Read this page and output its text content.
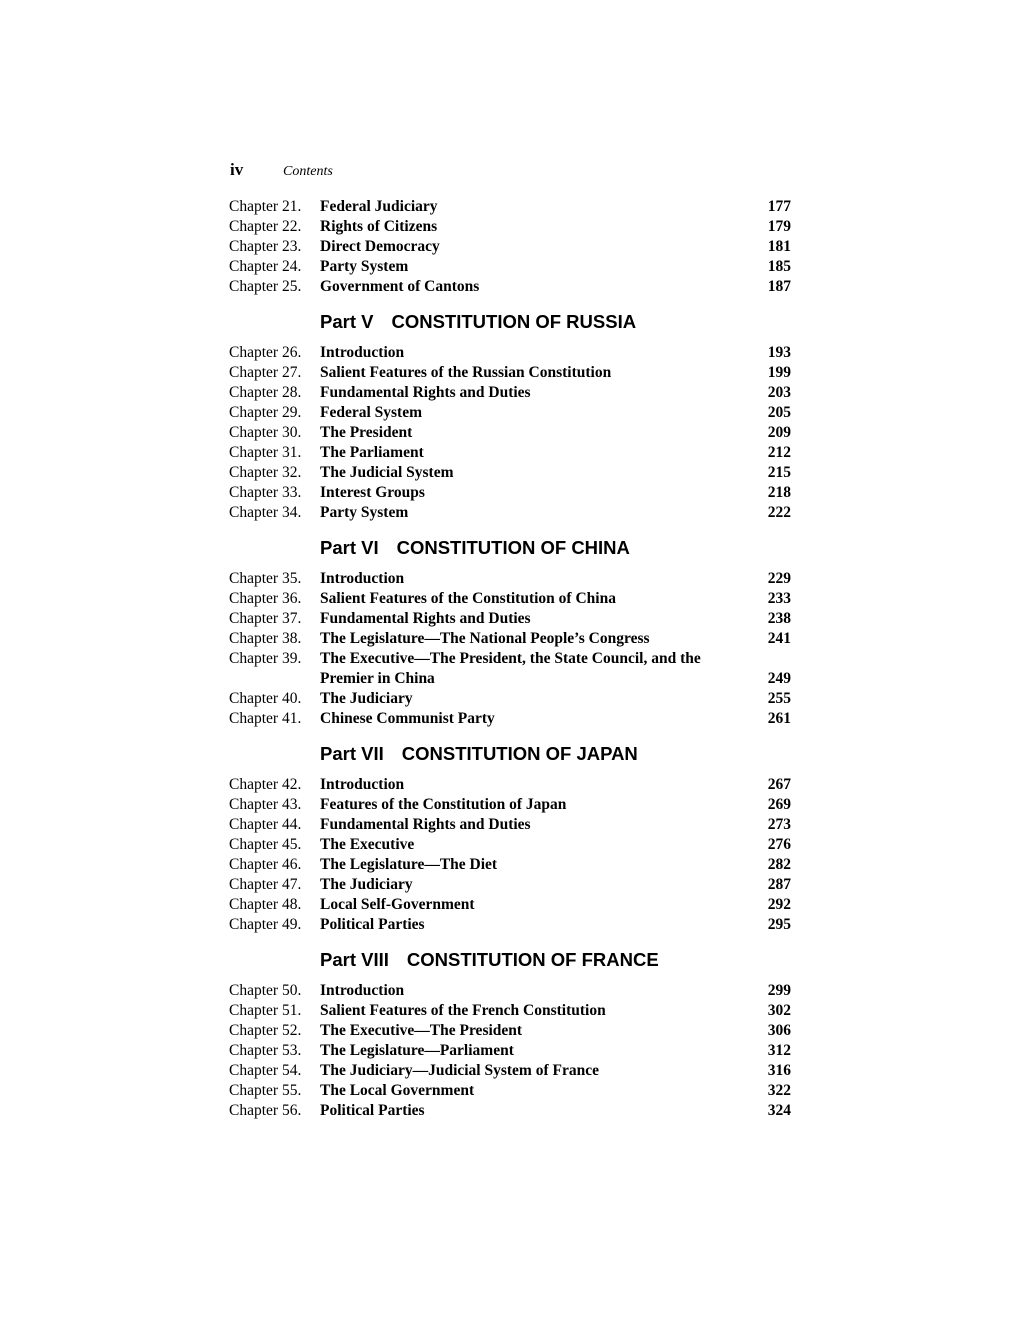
iv	Contents
Chapter 21. Federal Judiciary	177
Chapter 22. Rights of Citizens	179
Chapter 23. Direct Democracy	181
Chapter 24. Party System	185
Chapter 25. Government of Cantons	187
Part V CONSTITUTION OF RUSSIA
Chapter 26. Introduction	193
Chapter 27. Salient Features of the Russian Constitution	199
Chapter 28. Fundamental Rights and Duties	203
Chapter 29. Federal System	205
Chapter 30. The President	209
Chapter 31. The Parliament	212
Chapter 32. The Judicial System	215
Chapter 33. Interest Groups	218
Chapter 34. Party System	222
Part VI CONSTITUTION OF CHINA
Chapter 35. Introduction	229
Chapter 36. Salient Features of the Constitution of China	233
Chapter 37. Fundamental Rights and Duties	238
Chapter 38. The Legislature—The National People’s Congress	241
Chapter 39. The Executive—The President, the State Council, and the
Premier in China	249
Chapter 40. The Judiciary	255
Chapter 41. Chinese Communist Party	261
Part VII CONSTITUTION OF JAPAN
Chapter 42. Introduction	267
Chapter 43. Features of the Constitution of Japan	269
Chapter 44. Fundamental Rights and Duties	273
Chapter 45. The Executive	276
Chapter 46. The Legislature—The Diet	282
Chapter 47. The Judiciary	287
Chapter 48. Local Self-Government	292
Chapter 49. Political Parties	295
Part VIII CONSTITUTION OF FRANCE
Chapter 50. Introduction	299
Chapter 51. Salient Features of the French Constitution	302
Chapter 52. The Executive—The President	306
Chapter 53. The Legislature—Parliament	312
Chapter 54. The Judiciary—Judicial System of France	316
Chapter 55. The Local Government	322
Chapter 56. Political Parties	324
